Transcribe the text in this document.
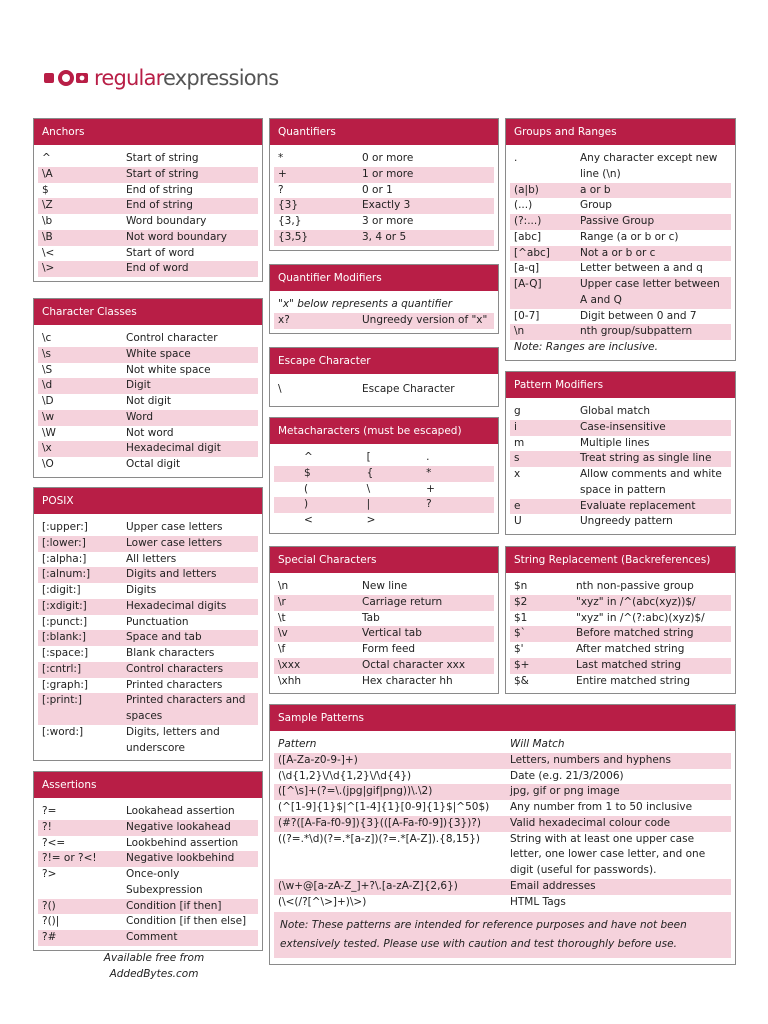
regularexpressions
Anchors
^	Start of string
\A	Start of string
$	End of string
\Z	End of string
\b	Word boundary
\B	Not word boundary
\<	Start of word
\>	End of word
Character Classes
\c	Control character
\s	White space
\S	Not white space
\d	Digit
\D	Not digit
\w	Word
\W	Not word
\x	Hexadecimal digit
\O	Octal digit
POSIX
[:upper:]	Upper case letters
[:lower:]	Lower case letters
[:alpha:]	All letters
[:alnum:]	Digits and letters
[:digit:]	Digits
[:xdigit:]	Hexadecimal digits
[:punct:]	Punctuation
[:blank:]	Space and tab
[:space:]	Blank characters
[:cntrl:]	Control characters
[:graph:]	Printed characters
[:print:]	Printed characters and spaces
[:word:]	Digits, letters and underscore
Assertions
?=	Lookahead assertion
?!	Negative lookahead
?<=	Lookbehind assertion
?!= or ?<!	Negative lookbehind
?>	Once-only Subexpression
?()	Condition [if then]
?()|	Condition [if then else]
?#	Comment
Quantifiers
*	0 or more
+	1 or more
?	0 or 1
{3}	Exactly 3
{3,}	3 or more
{3,5}	3, 4 or 5
Quantifier Modifiers
"x" below represents a quantifier
x?	Ungreedy version of "x"
Escape Character
\	Escape Character
Metacharacters (must be escaped)
^	[	.
$	{	*
(	\	+
)	|	?
<	>
Special Characters
\n	New line
\r	Carriage return
\t	Tab
\v	Vertical tab
\f	Form feed
\xxx	Octal character xxx
\xhh	Hex character hh
Groups and Ranges
.	Any character except new line (\n)
(a|b)	a or b
(...)	Group
(?:...)	Passive Group
[abc]	Range (a or b or c)
[^abc]	Not a or b or c
[a-q]	Letter between a and q
[A-Q]	Upper case letter between A and Q
[0-7]	Digit between 0 and 7
\n	nth group/subpattern
Note: Ranges are inclusive.
Pattern Modifiers
g	Global match
i	Case-insensitive
m	Multiple lines
s	Treat string as single line
x	Allow comments and white space in pattern
e	Evaluate replacement
U	Ungreedy pattern
String Replacement (Backreferences)
$n	nth non-passive group
$2	"xyz" in /^(abc(xyz))$/
$1	"xyz" in /^(?:abc)(xyz)$/
$`	Before matched string
$'	After matched string
$+	Last matched string
$&	Entire matched string
Sample Patterns
Pattern	Will Match
([A-Za-z0-9-]+)	Letters, numbers and hyphens
(\d{1,2}\/\d{1,2}\/\d{4})	Date (e.g. 21/3/2006)
([^\s]+(?=\.(jpg|gif|png))\.\2)	jpg, gif or png image
(^[1-9]{1}$|^[1-4]{1}[0-9]{1}$|^50$)	Any number from 1 to 50 inclusive
(#?([A-Fa-f0-9]){3}(([A-Fa-f0-9]){3})?)	Valid hexadecimal colour code
((?=.*\d)(?=.*[a-z])(?=.*[A-Z]).{8,15})	String with at least one upper case letter, one lower case letter, and one digit (useful for passwords).
(\w+@[a-zA-Z_]+?\.[a-zA-Z]{2,6})	Email addresses
(\<(/?[^\>]+)\>)	HTML Tags
Note: These patterns are intended for reference purposes and have not been extensively tested. Please use with caution and test thoroughly before use.
Available free from
AddedBytes.com
